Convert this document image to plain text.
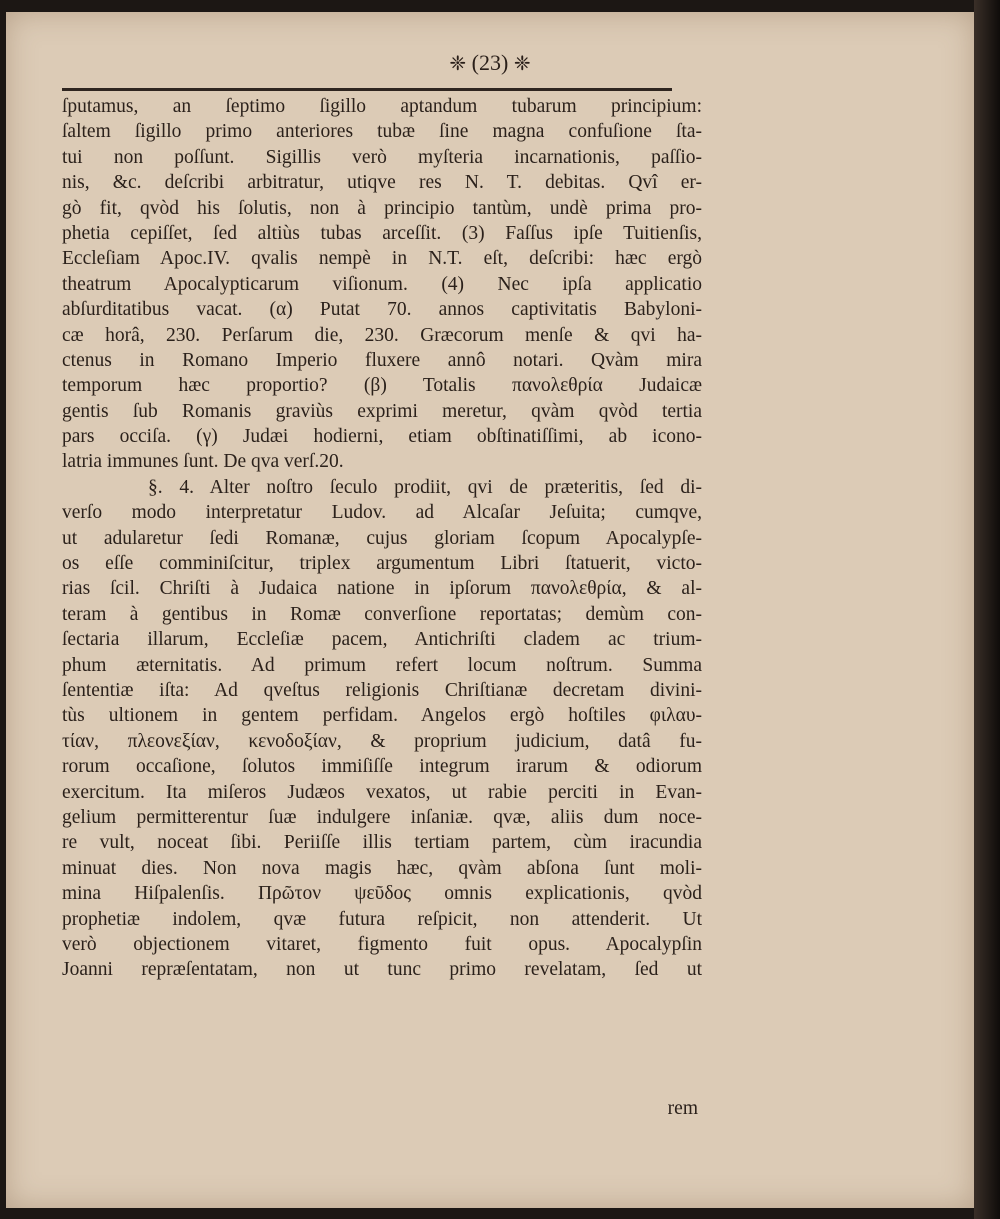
❈ (23) ❈
ſputamus, an ſeptimo ſigillo aptandum tubarum principium:
ſaltem ſigillo primo anteriores tubæ ſine magna confuſione ſta-
tui non poſſunt. Sigillis verò myſteria incarnationis, paſſio-
nis, &c. deſcribi arbitratur, utiqve res N. T. debitas. Qvî er-
gò fit, qvòd his ſolutis, non à principio tantùm, undè prima pro-
phetia cepiſſet, ſed altiùs tubas arceſſit. (3) Faſſus ipſe Tuitienſis,
Eccleſiam Apoc.IV. qvalis nempè in N.T. eſt, deſcribi: hæc ergò
theatrum Apocalypticarum viſionum. (4) Nec ipſa applicatio
abſurditatibus vacat. (α) Putat 70. annos captivitatis Babyloni-
cæ horâ, 230. Perſarum die, 230. Græcorum menſe & qvi ha-
ctenus in Romano Imperio fluxere annô notari. Qvàm mira
temporum hæc proportio? (β) Totalis πανολεθρία Judaicæ
gentis ſub Romanis graviùs exprimi meretur, qvàm qvòd tertia
pars occiſa. (γ) Judæi hodierni, etiam obſtinatiſſimi, ab icono-
latria immunes ſunt. De qva verſ.20.
§. 4. Alter noſtro ſeculo prodiit, qvi de præteritis, ſed di-
verſo modo interpretatur Ludov. ad Alcaſar Jeſuita; cumqve,
ut adularetur ſedi Romanæ, cujus gloriam ſcopum Apocalypſe-
os eſſe comminiſcitur, triplex argumentum Libri ſtatuerit, victo-
rias ſcil. Chriſti à Judaica natione in ipſorum πανολεθρία, & al-
teram à gentibus in Romæ converſione reportatas; demùm con-
ſectaria illarum, Eccleſiæ pacem, Antichriſti cladem ac trium-
phum æternitatis. Ad primum refert locum noſtrum. Summa
ſententiæ iſta: Ad qveſtus religionis Chriſtianæ decretam divini-
tùs ultionem in gentem perfidam. Angelos ergò hoſtiles φιλαυ-
τίαν, πλεονεξίαν, κενοδοξίαν, & proprium judicium, datâ fu-
rorum occaſione, ſolutos immiſiſſe integrum irarum & odiorum
exercitum. Ita miſeros Judæos vexatos, ut rabie perciti in Evan-
gelium permitterentur ſuæ indulgere inſaniæ. qvæ, aliis dum noce-
re vult, noceat ſibi. Periiſſe illis tertiam partem, cùm iracundia
minuat dies. Non nova magis hæc, qvàm abſona ſunt moli-
mina Hiſpalenſis. Πρῶτον ψεῦδος omnis explicationis, qvòd
prophetiæ indolem, qvæ futura reſpicit, non attenderit. Ut
verò objectionem vitaret, figmento fuit opus. Apocalypſin
Joanni repræſentatam, non ut tunc primo revelatam, ſed ut
rem
